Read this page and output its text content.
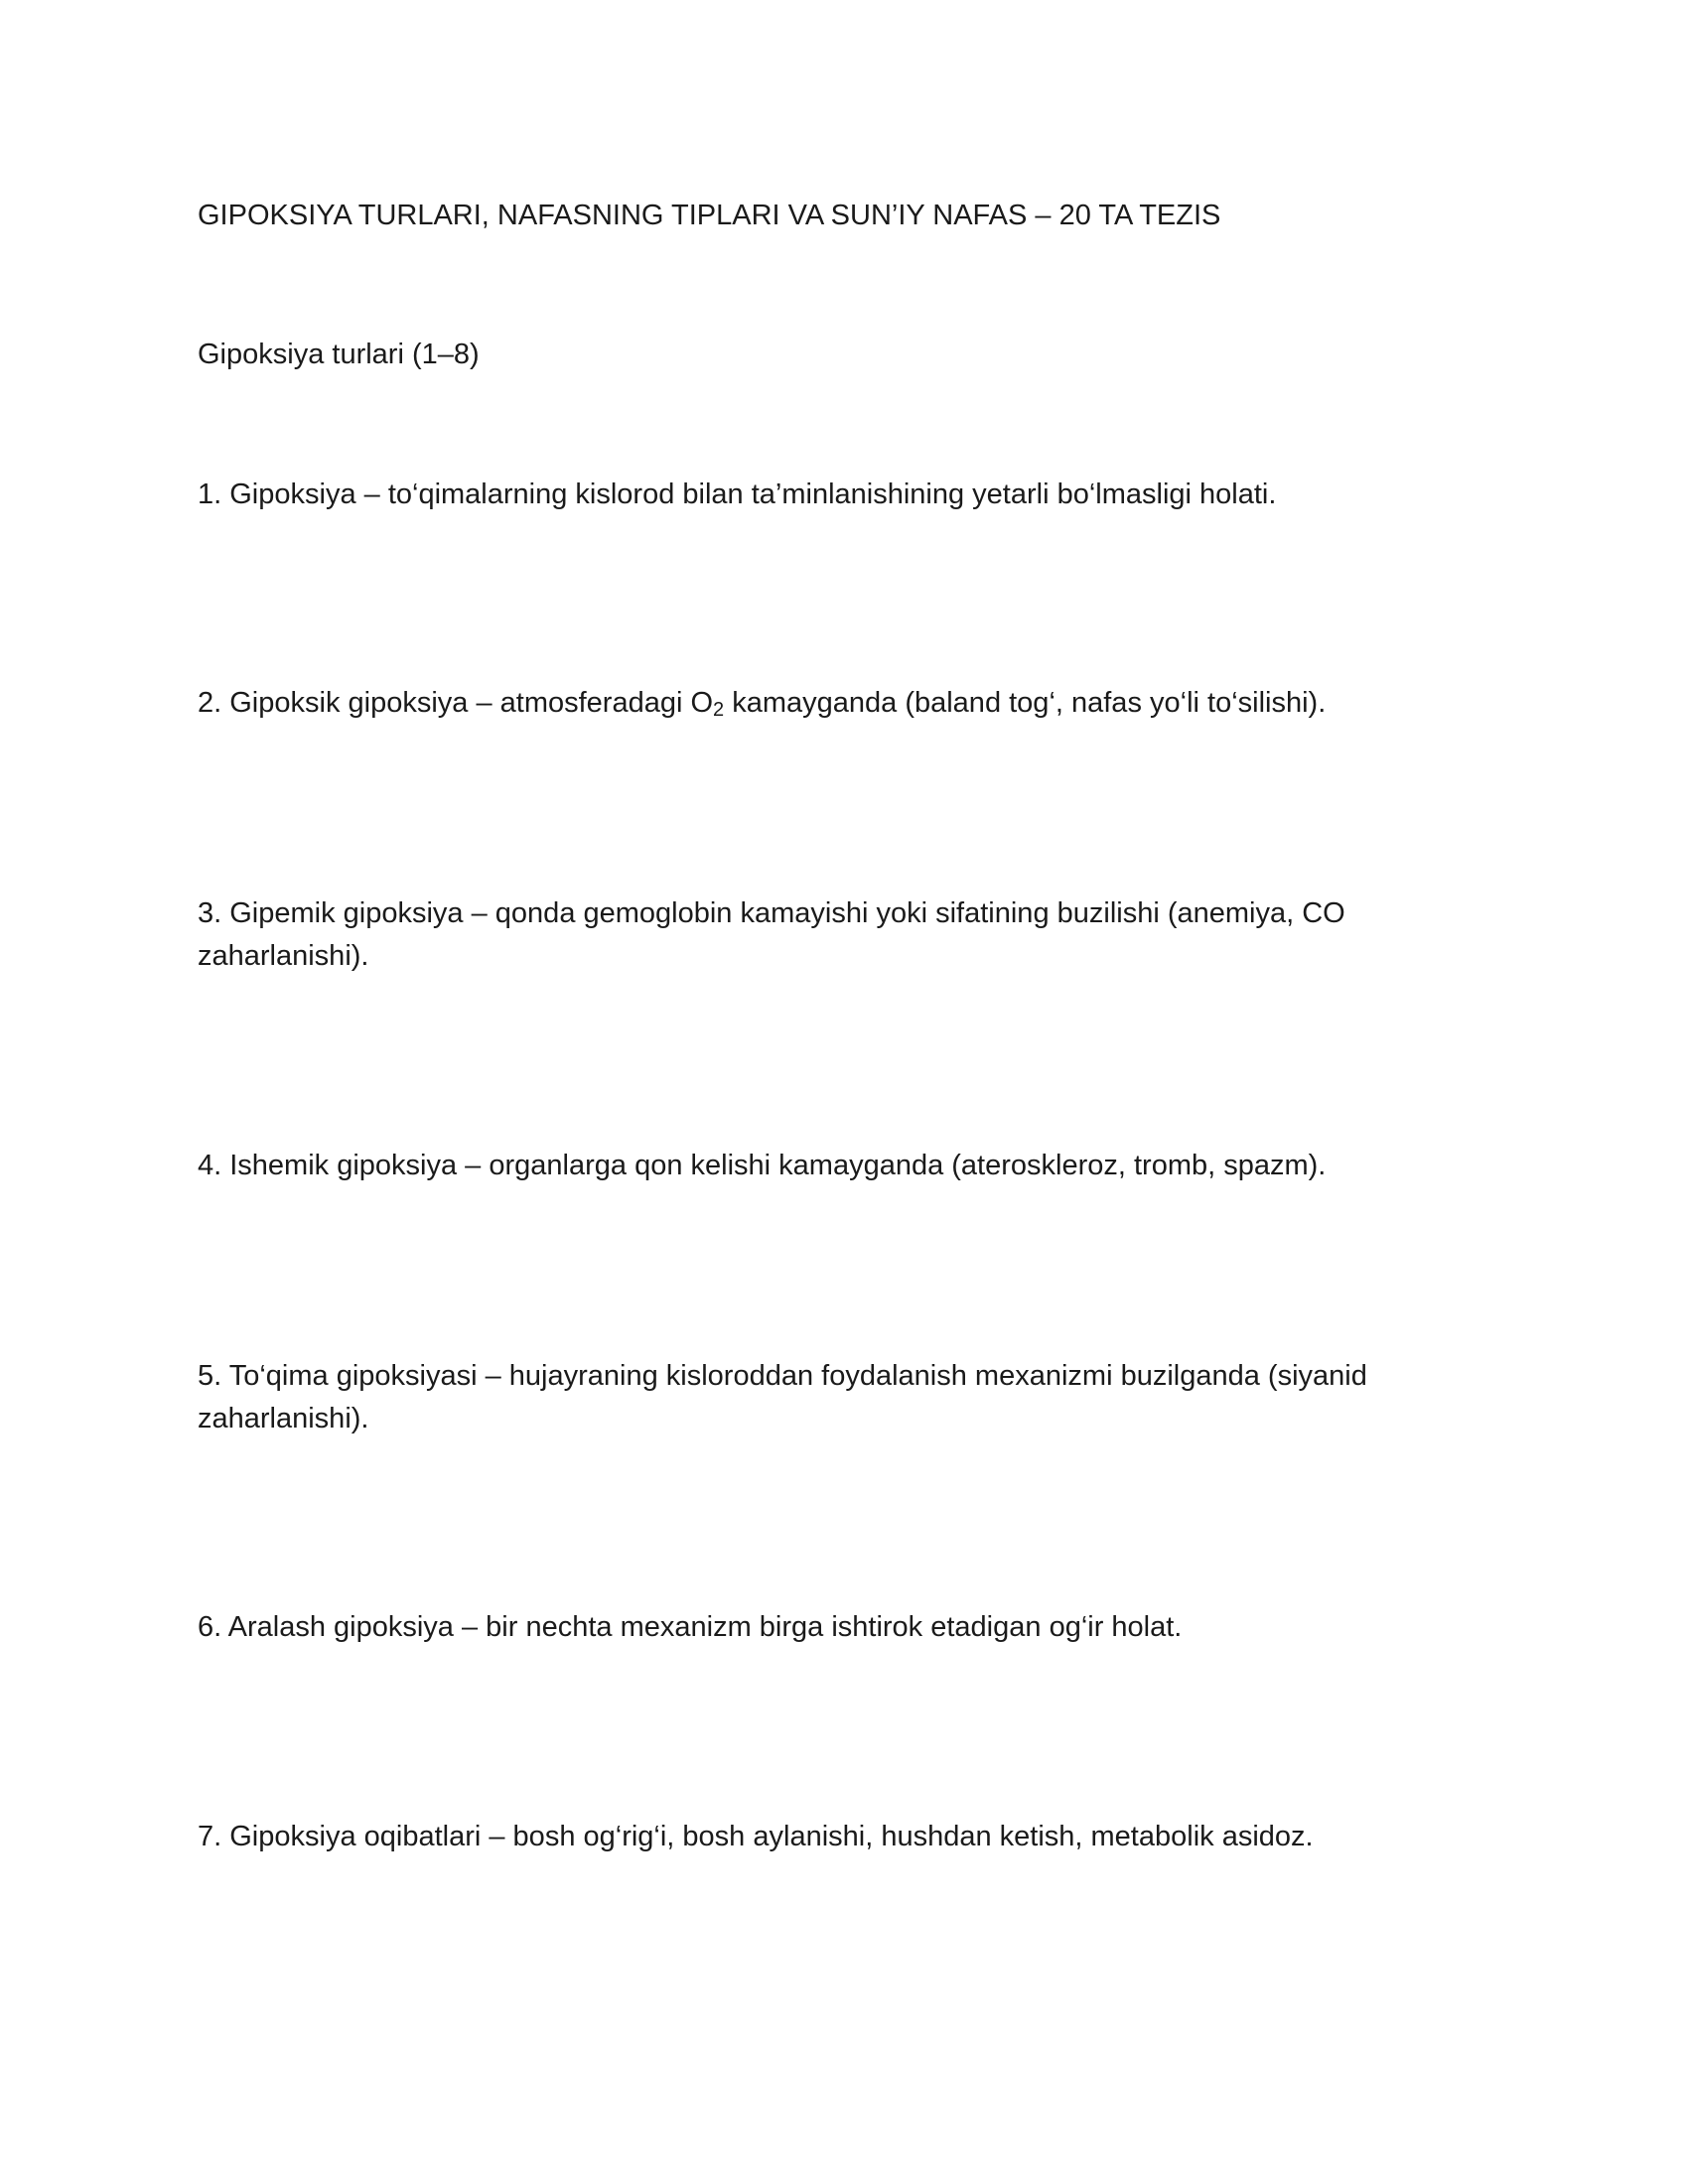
GIPOKSIYA TURLARI, NAFASNING TIPLARI VA SUN’IY NAFAS – 20 TA TEZIS

Gipoksiya turlari (1–8)

1. Gipoksiya – to‘qimalarning kislorod bilan ta’minlanishining yetarli bo‘lmasligi holati.

2. Gipoksik gipoksiya – atmosferadagi $O_2$ kamayganda (baland tog‘, nafas yo‘li to‘silishi).

3. Gipemik gipoksiya – qonda gemoglobin kamayishi yoki sifatining buzilishi (anemiya, CO zaharlanishi).

4. Ishemik gipoksiya – organlarga qon kelishi kamayganda (ateroskleroz, tromb, spazm).

5. To‘qima gipoksiyasi – hujayraning kisloroddan foydalanish mexanizmi buzilganda (siyanid zaharlanishi).

6. Aralash gipoksiya – bir nechta mexanizm birga ishtirok etadigan og‘ir holat.

7. Gipoksiya oqibatlari – bosh og‘rig‘i, bosh aylanishi, hushdan ketish, metabolik asidoz.
